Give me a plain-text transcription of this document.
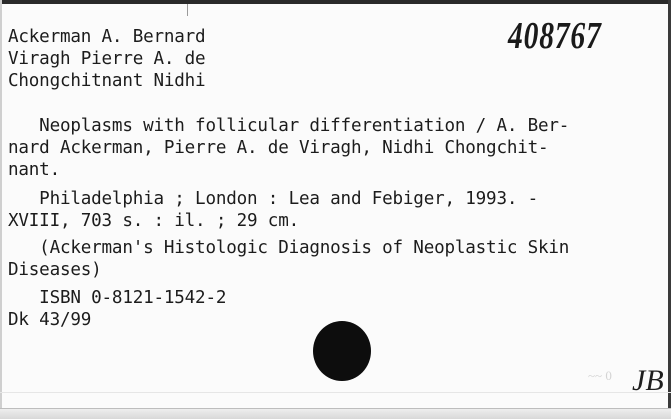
Ackerman A. Bernard

Viragh Pierre A. de

Chongchitnant Nidhi

408767

Neoplasms with follicular differentiation / A. Ber-

nard Ackerman, Pierre A. de Viragh, Nidhi Chongchit-

nant.

Philadelphia ; London : Lea and Febiger, 1993. -

XVIII, 703 s. : il. ; 29 cm.

(Ackerman's Histologic Diagnosis of Neoplastic Skin

Diseases)

ISBN 0-8121-1542-2

Dk 43/99

~~ 0 JB
